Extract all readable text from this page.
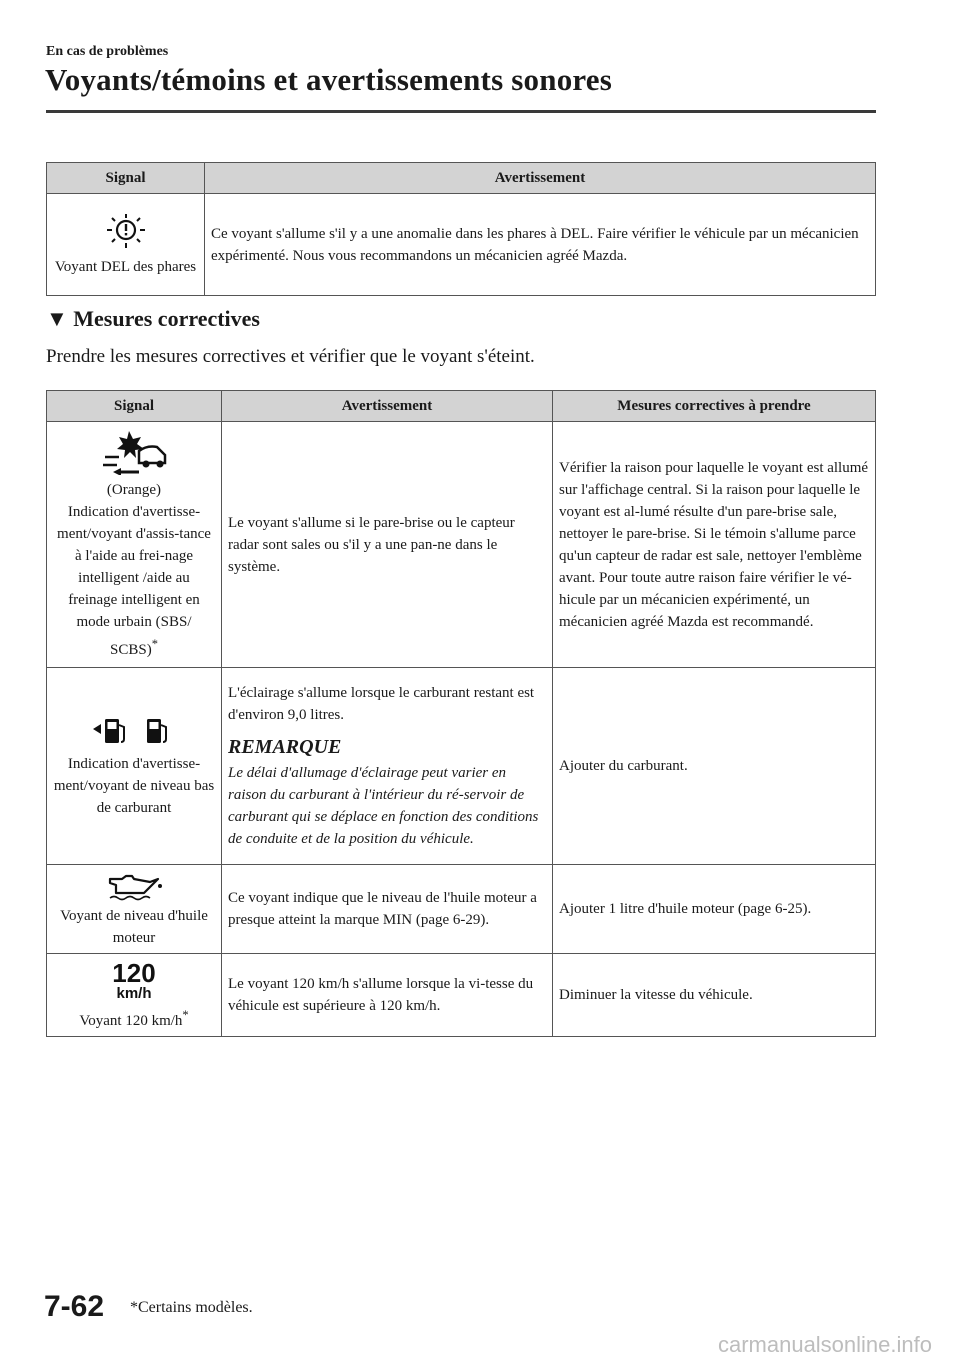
En cas de problèmes
Voyants/témoins et avertissements sonores
Signal	Avertissement

Voyant DEL des phares	Ce voyant s'allume s'il y a une anomalie dans les phares à DEL. Faire vérifier le véhicule par un mécanicien expérimenté. Nous vous recommandons un mécanicien agréé Mazda.
▼ Mesures correctives

Prendre les mesures correctives et vérifier que le voyant s'éteint.

Signal	Avertissement	Mesures correctives à prendre

(Orange)
Indication d'avertisse-ment/voyant d'assis-tance à l'aide au frei-nage intelligent /aide au freinage intelligent en mode urbain (SBS/ SCBS)*	Le voyant s'allume si le pare-brise ou le capteur radar sont sales ou s'il y a une pan-ne dans le système.	Vérifier la raison pour laquelle le voyant est allumé sur l'affichage central. Si la raison pour laquelle le voyant est al-lumé résulte d'un pare-brise sale, nettoyer le pare-brise. Si le témoin s'allume parce qu'un capteur de radar est sale, nettoyer l'emblème avant. Pour toute autre raison faire vérifier le vé-hicule par un mécanicien expérimenté, un mécanicien agréé Mazda est recommandé.

Indication d'avertisse-ment/voyant de niveau bas de carburant	L'éclairage s'allume lorsque le carburant restant est d'environ 9,0 litres.
REMARQUE
Le délai d'allumage d'éclairage peut varier en raison du carburant à l'intérieur du ré-servoir de carburant qui se déplace en fonction des conditions de conduite et de la position du véhicule.	Ajouter du carburant.

Voyant de niveau d'huile moteur	Ce voyant indique que le niveau de l'huile moteur a presque atteint la marque MIN (page 6-29).	Ajouter 1 litre d'huile moteur (page 6-25).

120
km/h
Voyant 120 km/h*	Le voyant 120 km/h s'allume lorsque la vi-tesse du véhicule est supérieure à 120 km/h.	Diminuer la vitesse du véhicule.
7-62 *Certains modèles.
carmanualsonline.info
